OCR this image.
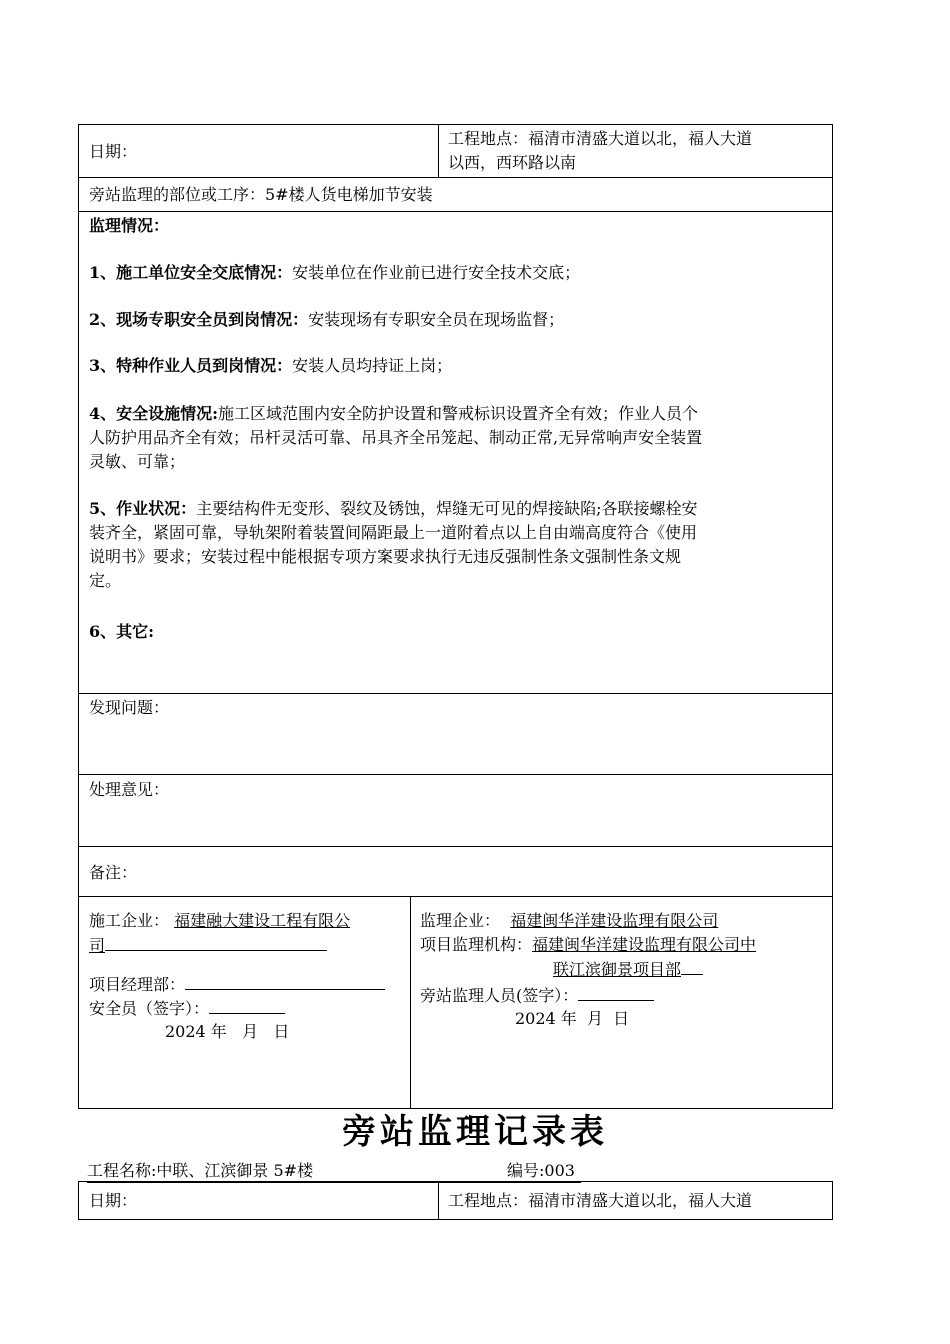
日期：
工程地点：福清市清盛大道以北，福人大道
以西，西环路以南
旁站监理的部位或工序：5#楼人货电梯加节安装
监理情况：
1、施工单位安全交底情况：安装单位在作业前已进行安全技术交底；
2、现场专职安全员到岗情况：安装现场有专职安全员在现场监督；
3、特种作业人员到岗情况：安装人员均持证上岗；
4、安全设施情况:施工区域范围内安全防护设置和警戒标识设置齐全有效；作业人员个
人防护用品齐全有效；吊杆灵活可靠、吊具齐全吊笼起、制动正常,无异常响声安全装置
灵敏、可靠；
5、作业状况：主要结构件无变形、裂纹及锈蚀，焊缝无可见的焊接缺陷;各联接螺栓安
装齐全，紧固可靠，导轨架附着装置间隔距最上一道附着点以上自由端高度符合《使用
说明书》要求；安装过程中能根据专项方案要求执行无违反强制性条文强制性条文规
定。
6、其它:
发现问题：
处理意见：
备注：
施工企业： 福建融大建设工程有限公
司
项目经理部：
安全员（签字）：
2024 年   月   日
监理企业： 福建闽华洋建设监理有限公司
项目监理机构：福建闽华洋建设监理有限公司中
联江滨御景项目部
旁站监理人员(签字）：
2024 年  月  日
旁站监理记录表
工程名称:中联、江滨御景 5#楼	编号:003
日期：	工程地点：福清市清盛大道以北，福人大道
